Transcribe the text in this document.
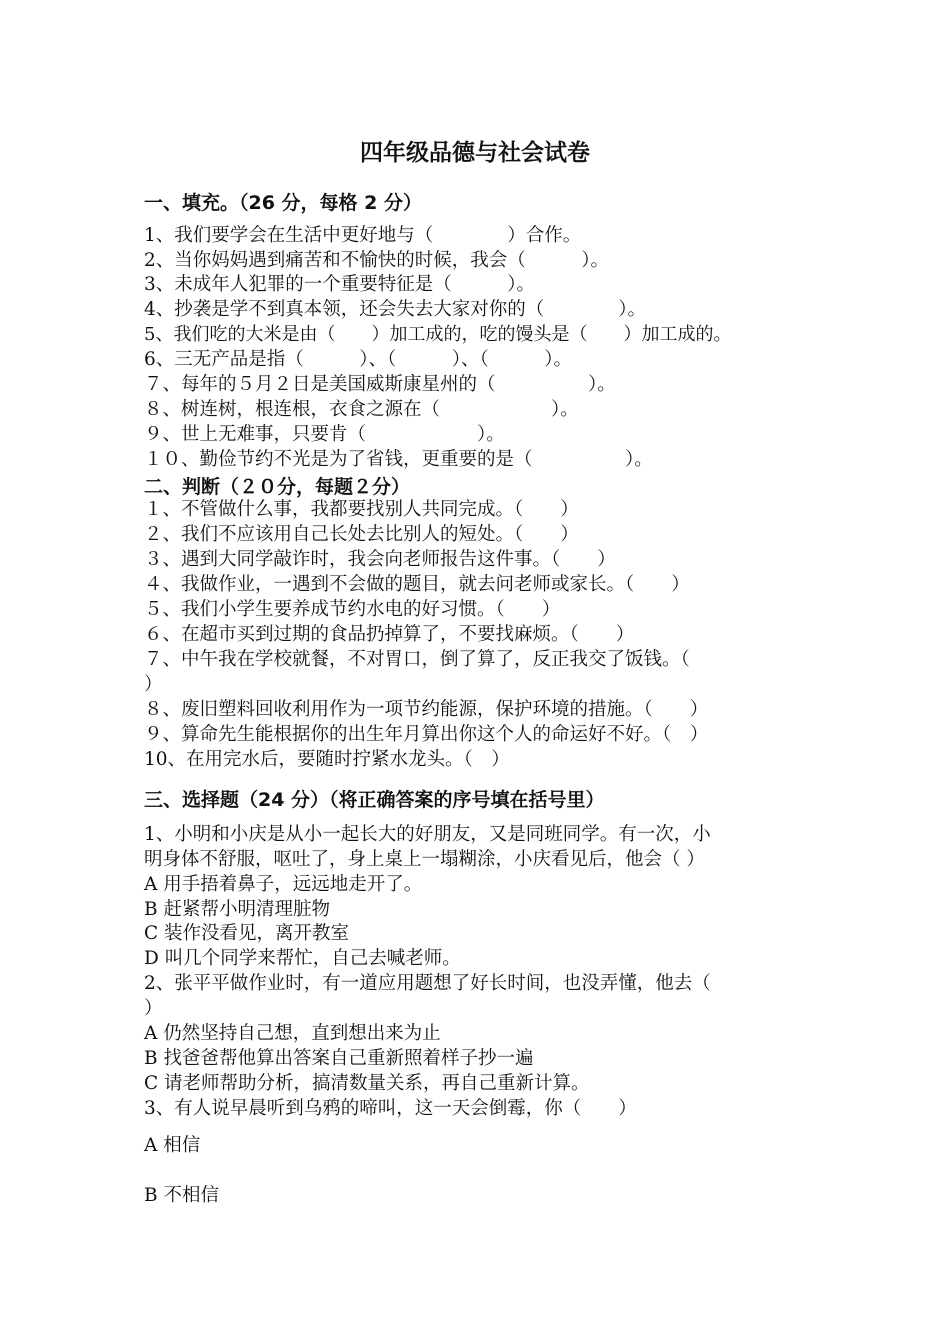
四年级品德与社会试卷
一、填充。（26 分，每格 2 分）
1、我们要学会在生活中更好地与（　　　　）合作。
2、当你妈妈遇到痛苦和不愉快的时候，我会（　　　）。
3、未成年人犯罪的一个重要特征是（　　　）。
4、抄袭是学不到真本领，还会失去大家对你的（　　　　）。
5、我们吃的大米是由（　　）加工成的，吃的馒头是（　　）加工成的。
6、三无产品是指（　　　）、（　　　）、（　　　）。
７、每年的５月２日是美国威斯康星州的（　　　　　）。
８、树连树，根连根，衣食之源在（　　　　　　）。
９、世上无难事，只要肯（　　　　　　）。
１０、勤俭节约不光是为了省钱，更重要的是（　　　　　）。
二、判断（２０分，每题２分）
１、不管做什么事，我都要找别人共同完成。（　　）
２、我们不应该用自己长处去比别人的短处。（　　）
３、遇到大同学敲诈时，我会向老师报告这件事。（　　）
４、我做作业，一遇到不会做的题目，就去问老师或家长。（　　）
５、我们小学生要养成节约水电的好习惯。（　　）
６、在超市买到过期的食品扔掉算了，不要找麻烦。（　　）
７、中午我在学校就餐，不对胃口，倒了算了，反正我交了饭钱。（
）
８、废旧塑料回收利用作为一项节约能源，保护环境的措施。（　　）
９、算命先生能根据你的出生年月算出你这个人的命运好不好。（　）
10、在用完水后，要随时拧紧水龙头。（　）
三、选择题（24 分）（将正确答案的序号填在括号里）
1、小明和小庆是从小一起长大的好朋友，又是同班同学。有一次，小
明身体不舒服，呕吐了，身上桌上一塌糊涂，小庆看见后，他会（ ）
A 用手捂着鼻子，远远地走开了。
B 赶紧帮小明清理脏物
C 装作没看见，离开教室
D 叫几个同学来帮忙，自己去喊老师。
2、张平平做作业时，有一道应用题想了好长时间，也没弄懂，他去（
）
A 仍然坚持自己想，直到想出来为止
B 找爸爸帮他算出答案自己重新照着样子抄一遍
C 请老师帮助分析，搞清数量关系，再自己重新计算。
3、有人说早晨听到乌鸦的啼叫，这一天会倒霉，你（　　）
A 相信
B 不相信
